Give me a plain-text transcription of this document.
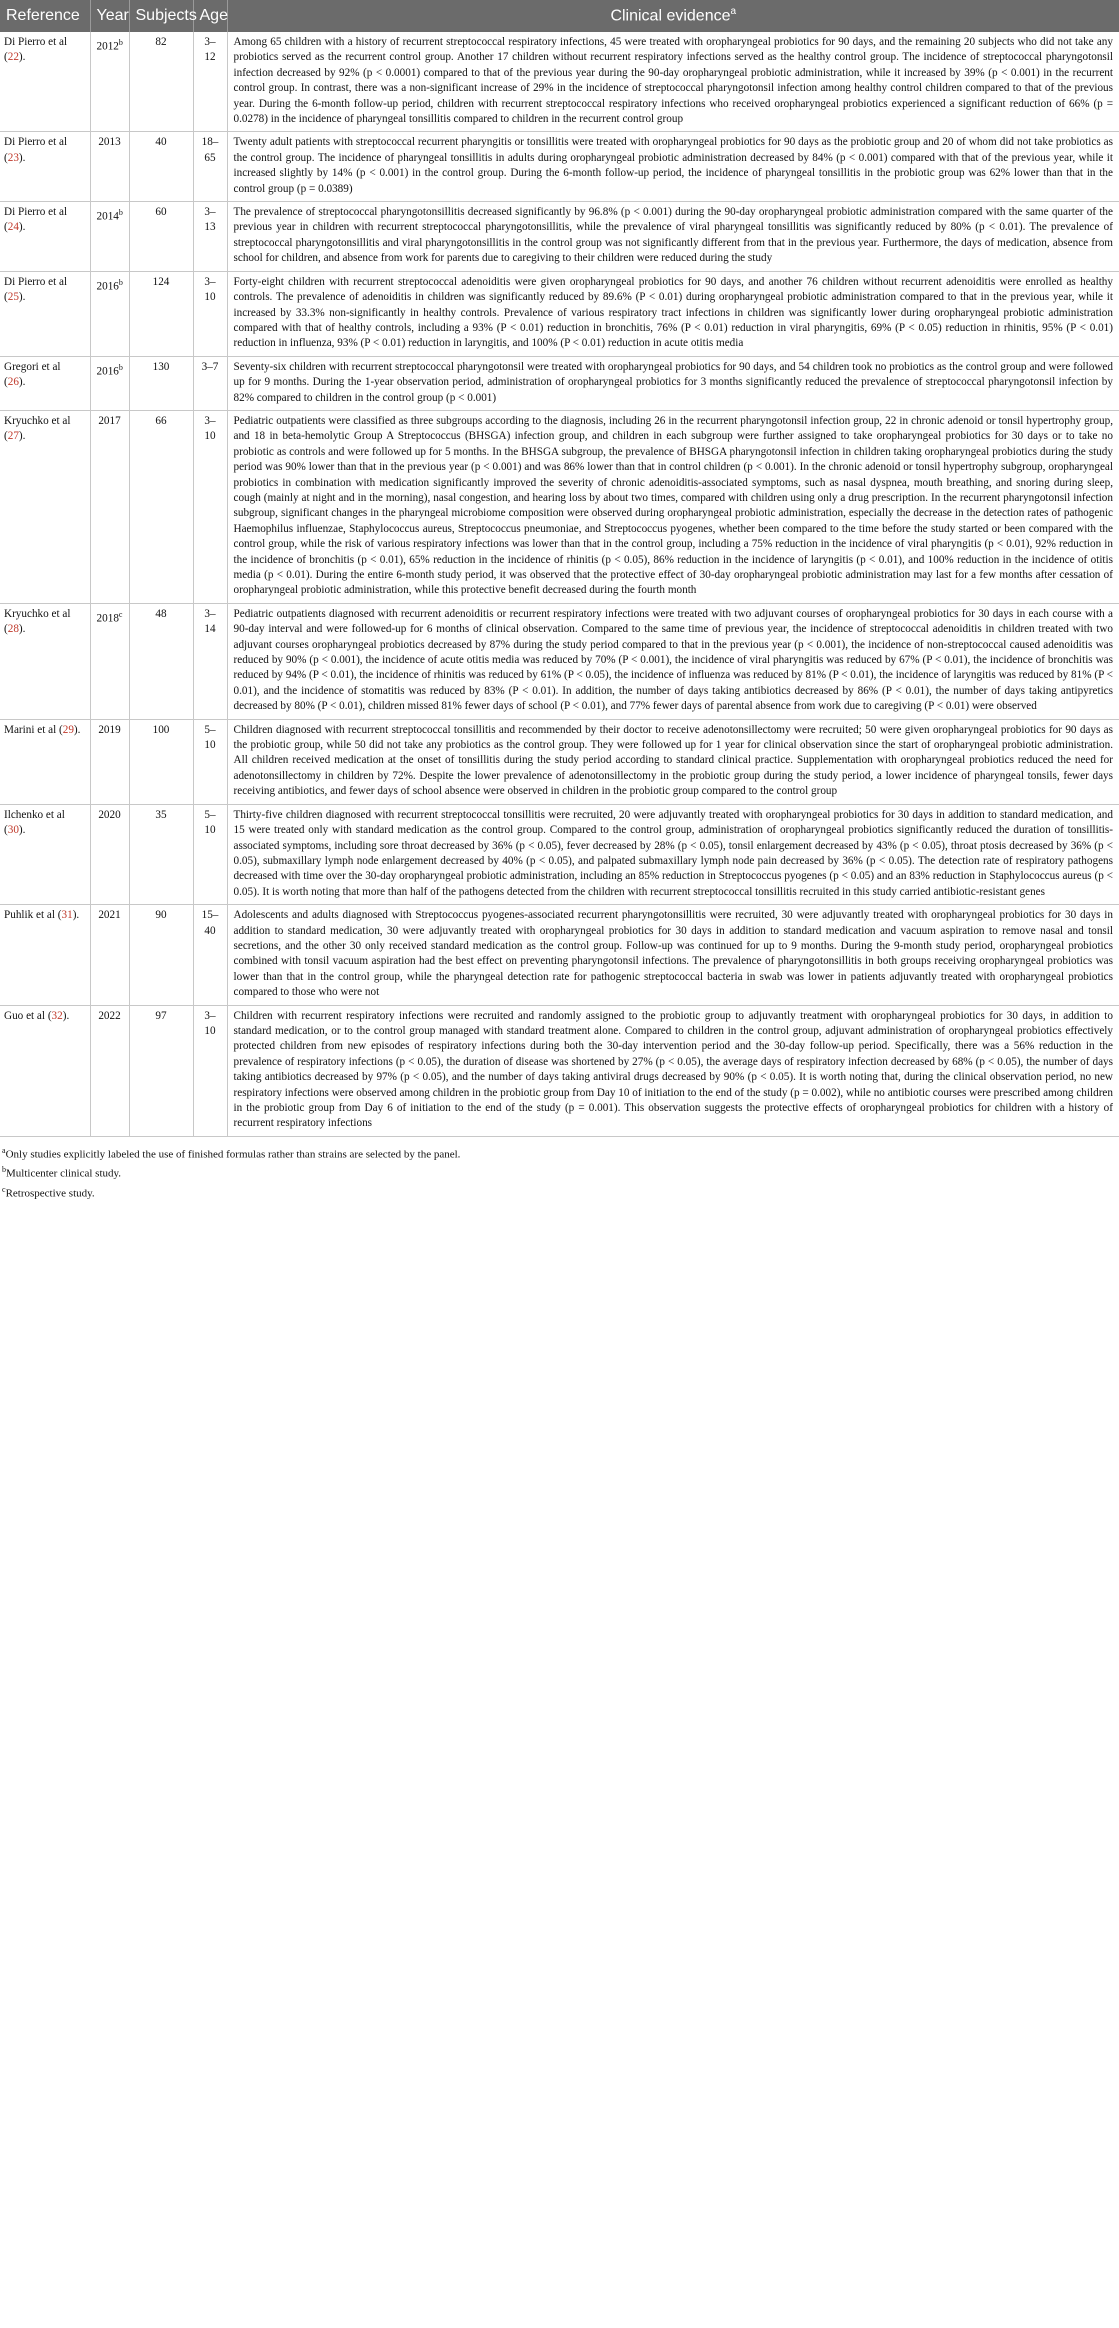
Reference	Year	Subjects	Age	Clinical evidence$^a$
Di Pierro et al (22).	2012$^b$	82	3–12	Among 65 children with a history of recurrent streptococcal respiratory infections, 45 were treated with oropharyngeal probiotics for 90 days, and the remaining 20 subjects who did not take any probiotics served as the recurrent control group. Another 17 children without recurrent respiratory infections served as the healthy control group. The incidence of streptococcal pharyngotonsil infection decreased by 92% (p < 0.0001) compared to that of the previous year during the 90-day oropharyngeal probiotic administration, while it increased by 39% (p < 0.001) in the recurrent control group. In contrast, there was a non-significant increase of 29% in the incidence of streptococcal pharyngotonsil infection among healthy control children compared to that of the previous year. During the 6-month follow-up period, children with recurrent streptococcal respiratory infections who received oropharyngeal probiotics experienced a significant reduction of 66% (p = 0.0278) in the incidence of pharyngeal tonsillitis compared to children in the recurrent control group
Di Pierro et al (23).	2013	40	18–65	Twenty adult patients with streptococcal recurrent pharyngitis or tonsillitis were treated with oropharyngeal probiotics for 90 days as the probiotic group and 20 of whom did not take probiotics as the control group. The incidence of pharyngeal tonsillitis in adults during oropharyngeal probiotic administration decreased by 84% (p < 0.001) compared with that of the previous year, while it increased slightly by 14% (p < 0.001) in the control group. During the 6-month follow-up period, the incidence of pharyngeal tonsillitis in the probiotic group was 62% lower than that in the control group (p = 0.0389)
Di Pierro et al (24).	2014$^b$	60	3–13	The prevalence of streptococcal pharyngotonsillitis decreased significantly by 96.8% (p < 0.001) during the 90-day oropharyngeal probiotic administration compared with the same quarter of the previous year in children with recurrent streptococcal pharyngotonsillitis, while the prevalence of viral pharyngeal tonsillitis was significantly reduced by 80% (p < 0.01). The prevalence of streptococcal pharyngotonsillitis and viral pharyngotonsillitis in the control group was not significantly different from that in the previous year. Furthermore, the days of medication, absence from school for children, and absence from work for parents due to caregiving to their children were reduced during the study
Di Pierro et al (25).	2016$^b$	124	3–10	Forty-eight children with recurrent streptococcal adenoiditis were given oropharyngeal probiotics for 90 days, and another 76 children without recurrent adenoiditis were enrolled as healthy controls. The prevalence of adenoiditis in children was significantly reduced by 89.6% (P < 0.01) during oropharyngeal probiotic administration compared to that in the previous year, while it increased by 33.3% non-significantly in healthy controls. Prevalence of various respiratory tract infections in children was significantly lower during oropharyngeal probiotic administration compared with that of healthy controls, including a 93% (P < 0.01) reduction in bronchitis, 76% (P < 0.01) reduction in viral pharyngitis, 69% (P < 0.05) reduction in rhinitis, 95% (P < 0.01) reduction in influenza, 93% (P < 0.01) reduction in laryngitis, and 100% (P < 0.01) reduction in acute otitis media
Gregori et al (26).	2016$^b$	130	3–7	Seventy-six children with recurrent streptococcal pharyngotonsil were treated with oropharyngeal probiotics for 90 days, and 54 children took no probiotics as the control group and were followed up for 9 months. During the 1-year observation period, administration of oropharyngeal probiotics for 3 months significantly reduced the prevalence of streptococcal pharyngotonsil infection by 82% compared to children in the control group (p < 0.001)
Kryuchko et al (27).	2017	66	3–10	Pediatric outpatients were classified as three subgroups according to the diagnosis, including 26 in the recurrent pharyngotonsil infection group, 22 in chronic adenoid or tonsil hypertrophy group, and 18 in beta-hemolytic Group A Streptococcus (BHSGA) infection group, and children in each subgroup were further assigned to take oropharyngeal probiotics for 30 days or to take no probiotic as controls and were followed up for 5 months. In the BHSGA subgroup, the prevalence of BHSGA pharyngotonsil infection in children taking oropharyngeal probiotics during the study period was 90% lower than that in the previous year (p < 0.001) and was 86% lower than that in control children (p < 0.001). In the chronic adenoid or tonsil hypertrophy subgroup, oropharyngeal probiotics in combination with medication significantly improved the severity of chronic adenoiditis-associated symptoms, such as nasal dyspnea, mouth breathing, and snoring during sleep, cough (mainly at night and in the morning), nasal congestion, and hearing loss by about two times, compared with children using only a drug prescription. In the recurrent pharyngotonsil infection subgroup, significant changes in the pharyngeal microbiome composition were observed during oropharyngeal probiotic administration, especially the decrease in the detection rates of pathogenic Haemophilus influenzae, Staphylococcus aureus, Streptococcus pneumoniae, and Streptococcus pyogenes, whether been compared to the time before the study started or been compared with the control group, while the risk of various respiratory infections was lower than that in the control group, including a 75% reduction in the incidence of viral pharyngitis (p < 0.01), 92% reduction in the incidence of bronchitis (p < 0.01), 65% reduction in the incidence of rhinitis (p < 0.05), 86% reduction in the incidence of laryngitis (p < 0.01), and 100% reduction in the incidence of otitis media (p < 0.01). During the entire 6-month study period, it was observed that the protective effect of 30-day oropharyngeal probiotic administration may last for a few months after cessation of oropharyngeal probiotic administration, while this protective benefit decreased during the fourth month
Kryuchko et al (28).	2018$^c$	48	3–14	Pediatric outpatients diagnosed with recurrent adenoiditis or recurrent respiratory infections were treated with two adjuvant courses of oropharyngeal probiotics for 30 days in each course with a 90-day interval and were followed-up for 6 months of clinical observation. Compared to the same time of previous year, the incidence of streptococcal adenoiditis in children treated with two adjuvant courses oropharyngeal probiotics decreased by 87% during the study period compared to that in the previous year (p < 0.001), the incidence of non-streptococcal caused adenoiditis was reduced by 90% (p < 0.001), the incidence of acute otitis media was reduced by 70% (P < 0.001), the incidence of viral pharyngitis was reduced by 67% (P < 0.01), the incidence of bronchitis was reduced by 94% (P < 0.01), the incidence of rhinitis was reduced by 61% (P < 0.05), the incidence of influenza was reduced by 81% (P < 0.01), the incidence of laryngitis was reduced by 81% (P < 0.01), and the incidence of stomatitis was reduced by 83% (P < 0.01). In addition, the number of days taking antibiotics decreased by 86% (P < 0.01), the number of days taking antipyretics decreased by 80% (P < 0.01), children missed 81% fewer days of school (P < 0.01), and 77% fewer days of parental absence from work due to caregiving (P < 0.01) were observed
Marini et al (29).	2019	100	5–10	Children diagnosed with recurrent streptococcal tonsillitis and recommended by their doctor to receive adenotonsillectomy were recruited; 50 were given oropharyngeal probiotics for 90 days as the probiotic group, while 50 did not take any probiotics as the control group. They were followed up for 1 year for clinical observation since the start of oropharyngeal probiotic administration. All children received medication at the onset of tonsillitis during the study period according to standard clinical practice. Supplementation with oropharyngeal probiotics reduced the need for adenotonsillectomy in children by 72%. Despite the lower prevalence of adenotonsillectomy in the probiotic group during the study period, a lower incidence of pharyngeal tonsils, fewer days receiving antibiotics, and fewer days of school absence were observed in children in the probiotic group compared to the control group
Ilchenko et al (30).	2020	35	5–10	Thirty-five children diagnosed with recurrent streptococcal tonsillitis were recruited, 20 were adjuvantly treated with oropharyngeal probiotics for 30 days in addition to standard medication, and 15 were treated only with standard medication as the control group. Compared to the control group, administration of oropharyngeal probiotics significantly reduced the duration of tonsillitis-associated symptoms, including sore throat decreased by 36% (p < 0.05), fever decreased by 28% (p < 0.05), tonsil enlargement decreased by 43% (p < 0.05), throat ptosis decreased by 36% (p < 0.05), submaxillary lymph node enlargement decreased by 40% (p < 0.05), and palpated submaxillary lymph node pain decreased by 36% (p < 0.05). The detection rate of respiratory pathogens decreased with time over the 30-day oropharyngeal probiotic administration, including an 85% reduction in Streptococcus pyogenes (p < 0.05) and an 83% reduction in Staphylococcus aureus (p < 0.05). It is worth noting that more than half of the pathogens detected from the children with recurrent streptococcal tonsillitis recruited in this study carried antibiotic-resistant genes
Puhlik et al (31).	2021	90	15–40	Adolescents and adults diagnosed with Streptococcus pyogenes-associated recurrent pharyngotonsillitis were recruited, 30 were adjuvantly treated with oropharyngeal probiotics for 30 days in addition to standard medication, 30 were adjuvantly treated with oropharyngeal probiotics for 30 days in addition to standard medication and vacuum aspiration to remove nasal and tonsil secretions, and the other 30 only received standard medication as the control group. Follow-up was continued for up to 9 months. During the 9-month study period, oropharyngeal probiotics combined with tonsil vacuum aspiration had the best effect on preventing pharyngotonsil infections. The prevalence of pharyngotonsillitis in both groups receiving oropharyngeal probiotics was lower than that in the control group, while the pharyngeal detection rate for pathogenic streptococcal bacteria in swab was lower in patients adjuvantly treated with oropharyngeal probiotics compared to those who were not
Guo et al (32).	2022	97	3–10	Children with recurrent respiratory infections were recruited and randomly assigned to the probiotic group to adjuvantly treatment with oropharyngeal probiotics for 30 days, in addition to standard medication, or to the control group managed with standard treatment alone. Compared to children in the control group, adjuvant administration of oropharyngeal probiotics effectively protected children from new episodes of respiratory infections during both the 30-day intervention period and the 30-day follow-up period. Specifically, there was a 56% reduction in the prevalence of respiratory infections (p < 0.05), the duration of disease was shortened by 27% (p < 0.05), the average days of respiratory infection decreased by 68% (p < 0.05), the number of days taking antibiotics decreased by 97% (p < 0.05), and the number of days taking antiviral drugs decreased by 90% (p < 0.05). It is worth noting that, during the clinical observation period, no new respiratory infections were observed among children in the probiotic group from Day 10 of initiation to the end of the study (p = 0.002), while no antibiotic courses were prescribed among children in the probiotic group from Day 6 of initiation to the end of the study (p = 0.001). This observation suggests the protective effects of oropharyngeal probiotics for children with a history of recurrent respiratory infections
$^a$Only studies explicitly labeled the use of finished formulas rather than strains are selected by the panel.
$^b$Multicenter clinical study.
$^c$Retrospective study.
